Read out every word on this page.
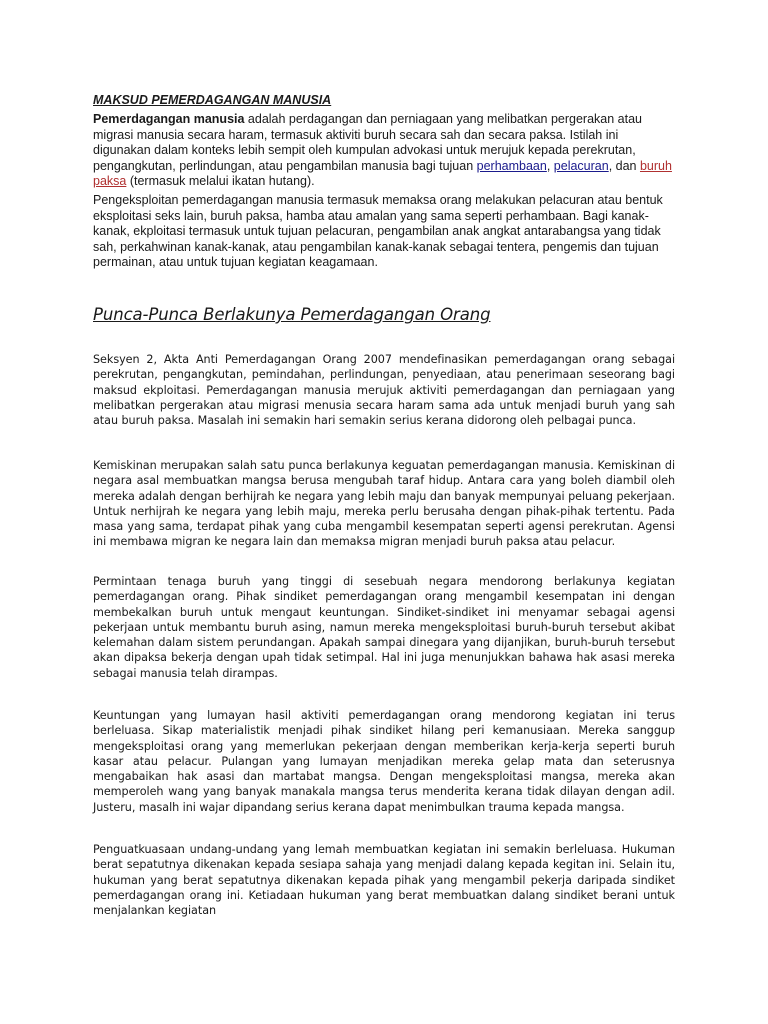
MAKSUD PEMERDAGANGAN MANUSIA

Pemerdagangan manusia adalah perdagangan dan perniagaan yang melibatkan pergerakan atau migrasi manusia secara haram, termasuk aktiviti buruh secara sah dan secara paksa. Istilah ini digunakan dalam konteks lebih sempit oleh kumpulan advokasi untuk merujuk kepada perekrutan, pengangkutan, perlindungan, atau pengambilan manusia bagi tujuan perhambaan, pelacuran, dan buruh paksa (termasuk melalui ikatan hutang).

Pengeksploitan pemerdagangan manusia termasuk memaksa orang melakukan pelacuran atau bentuk eksploitasi seks lain, buruh paksa, hamba atau amalan yang sama seperti perhambaan. Bagi kanak-kanak, ekploitasi termasuk untuk tujuan pelacuran, pengambilan anak angkat antarabangsa yang tidak sah, perkahwinan kanak-kanak, atau pengambilan kanak-kanak sebagai tentera, pengemis dan tujuan permainan, atau untuk tujuan kegiatan keagamaan.

Punca-Punca Berlakunya Pemerdagangan Orang

Seksyen 2, Akta Anti Pemerdagangan Orang 2007 mendefinasikan pemerdagangan orang sebagai perekrutan, pengangkutan, pemindahan, perlindungan, penyediaan, atau penerimaan seseorang bagi maksud ekploitasi. Pemerdagangan manusia merujuk aktiviti pemerdagangan dan perniagaan yang melibatkan pergerakan atau migrasi menusia secara haram sama ada untuk menjadi buruh yang sah atau buruh paksa. Masalah ini semakin hari semakin serius kerana didorong oleh pelbagai punca.

Kemiskinan merupakan salah satu punca berlakunya keguatan pemerdagangan manusia. Kemiskinan di negara asal membuatkan mangsa berusa mengubah taraf hidup. Antara cara yang boleh diambil oleh mereka adalah dengan berhijrah ke negara yang lebih maju dan banyak mempunyai peluang pekerjaan. Untuk nerhijrah ke negara yang lebih maju, mereka perlu berusaha dengan pihak-pihak tertentu. Pada masa yang sama, terdapat pihak yang cuba mengambil kesempatan seperti agensi perekrutan. Agensi ini membawa migran ke negara lain dan memaksa migran menjadi buruh paksa atau pelacur.

Permintaan tenaga buruh yang tinggi di sesebuah negara mendorong berlakunya kegiatan pemerdagangan orang. Pihak sindiket pemerdagangan orang mengambil kesempatan ini dengan membekalkan buruh untuk mengaut keuntungan. Sindiket-sindiket ini menyamar sebagai agensi pekerjaan untuk membantu buruh asing, namun mereka mengeksploitasi buruh-buruh tersebut akibat kelemahan dalam sistem perundangan. Apakah sampai dinegara yang dijanjikan, buruh-buruh tersebut akan dipaksa bekerja dengan upah tidak setimpal. Hal ini juga menunjukkan bahawa hak asasi mereka sebagai manusia telah dirampas.

Keuntungan yang lumayan hasil aktiviti pemerdagangan orang mendorong kegiatan ini terus berleluasa. Sikap materialistik menjadi pihak sindiket hilang peri kemanusiaan. Mereka sanggup mengeksploitasi orang yang memerlukan pekerjaan dengan memberikan kerja-kerja seperti buruh kasar atau pelacur. Pulangan yang lumayan menjadikan mereka gelap mata dan seterusnya mengabaikan hak asasi dan martabat mangsa. Dengan mengeksploitasi mangsa, mereka akan memperoleh wang yang banyak manakala mangsa terus menderita kerana tidak dilayan dengan adil. Justeru, masalh ini wajar dipandang serius kerana dapat menimbulkan trauma kepada mangsa.

Penguatkuasaan undang-undang yang lemah membuatkan kegiatan ini semakin berleluasa. Hukuman berat sepatutnya dikenakan kepada sesiapa sahaja yang menjadi dalang kepada kegitan ini. Selain itu, hukuman yang berat sepatutnya dikenakan kepada pihak yang mengambil pekerja daripada sindiket pemerdagangan orang ini. Ketiadaan hukuman yang berat membuatkan dalang sindiket berani untuk menjalankan kegiatan
